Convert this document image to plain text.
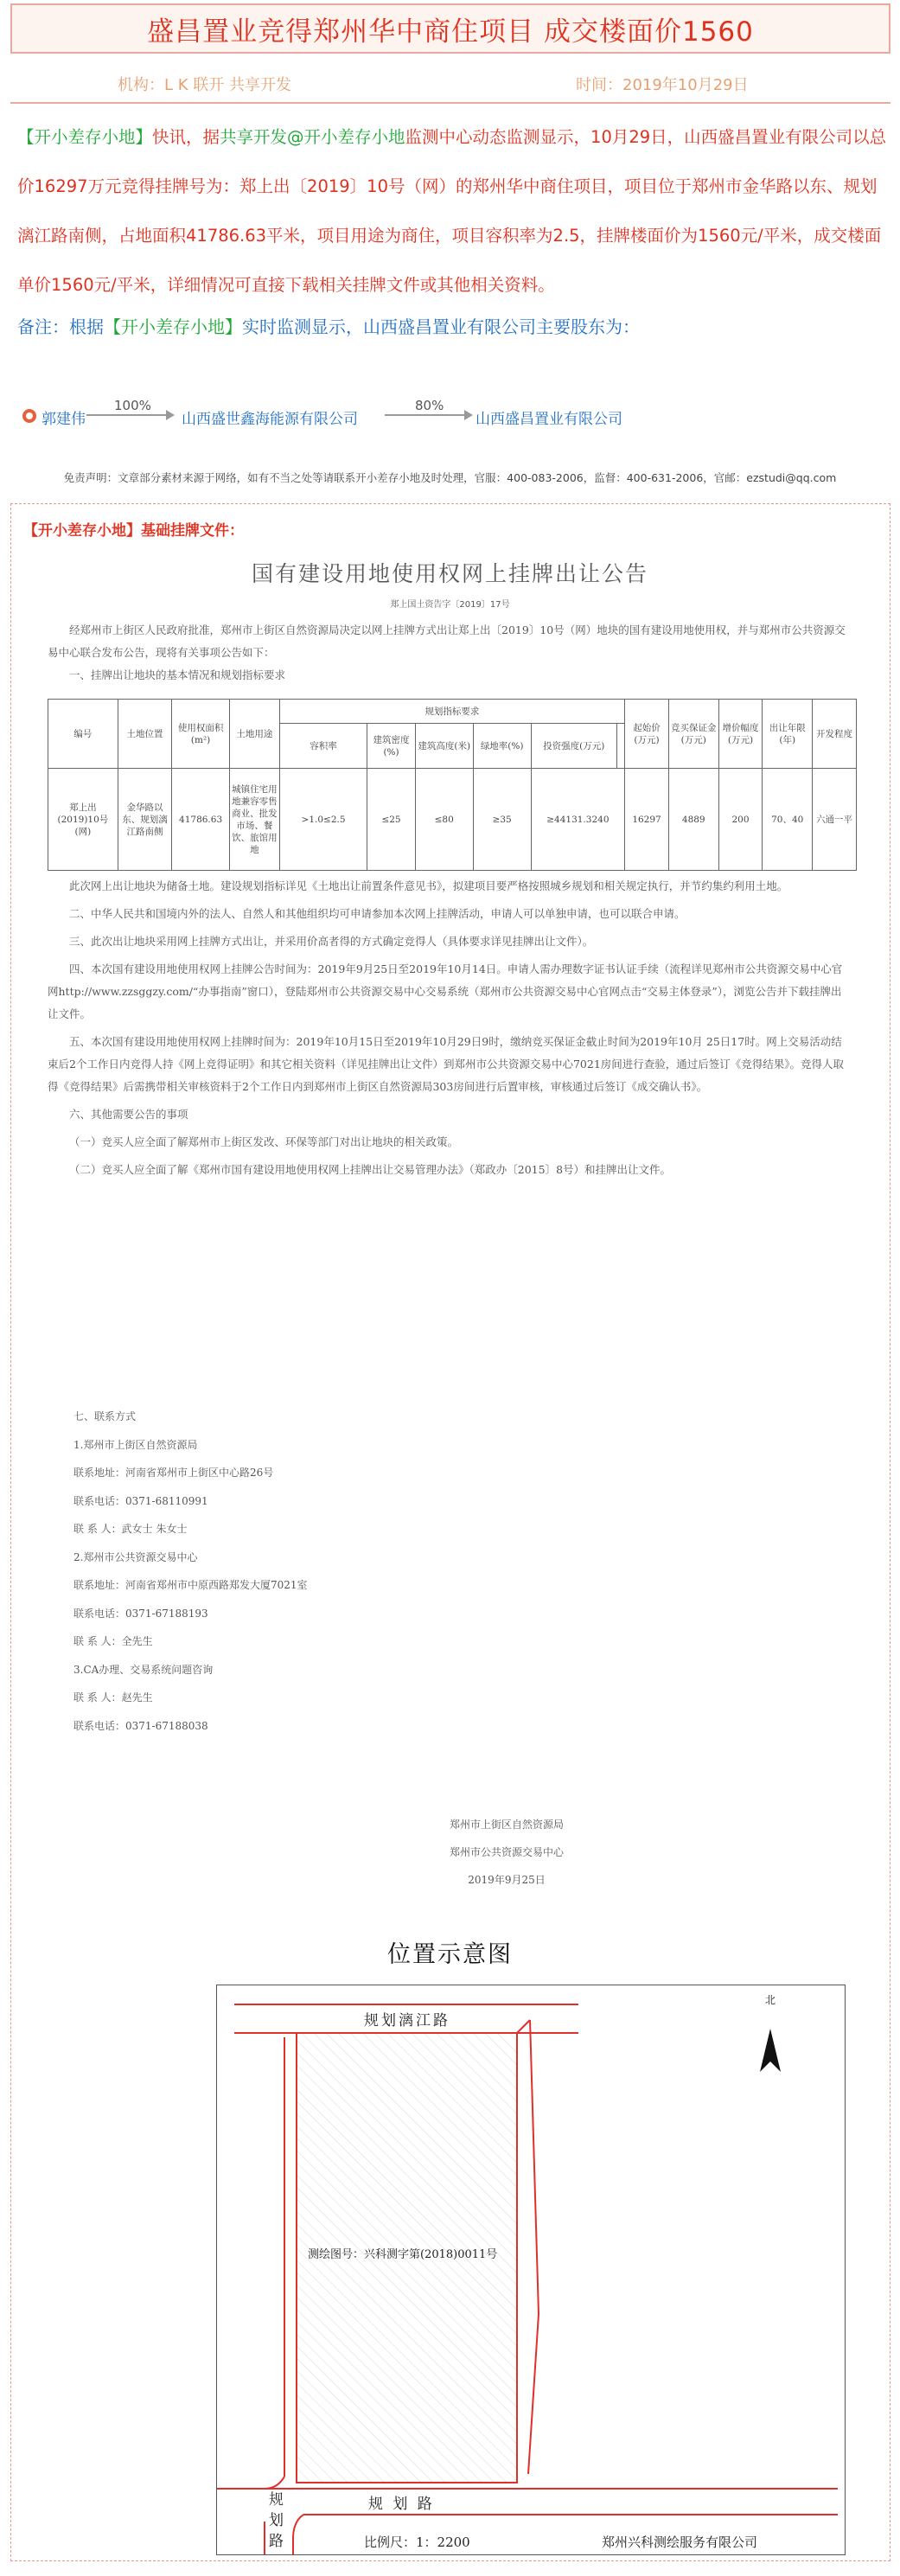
盛昌置业竞得郑州华中商住项目 成交楼面价1560
机构：L K 联开 共享开发	时间：2019年10月29日
【开小差存小地】快讯，据共享开发@开小差存小地监测中心动态监测显示，10月29日，山西盛昌置业有限公司以总价16297万元竞得挂牌号为：郑上出〔2019〕10号（网）的郑州华中商住项目，项目位于郑州市金华路以东、规划漓江路南侧，占地面积41786.63平米，项目用途为商住，项目容积率为2.5，挂牌楼面价为1560元/平米，成交楼面单价1560元/平米，详细情况可直接下载相关挂牌文件或其他相关资料。
备注：根据【开小差存小地】实时监测显示，山西盛昌置业有限公司主要股东为：
郭建伟
100%
山西盛世鑫海能源有限公司
80%
山西盛昌置业有限公司
免责声明：文章部分素材来源于网络，如有不当之处等请联系开小差存小地及时处理，官服：400-083-2006，监督：400-631-2006，官邮：ezstudi@qq.com
【开小差存小地】基础挂牌文件：
国有建设用地使用权网上挂牌出让公告
郑上国土资告字〔2019〕17号

经郑州市上街区人民政府批准，郑州市上街区自然资源局决定以网上挂牌方式出让郑上出〔2019〕10号（网）地块的国有建设用地使用权，并与郑州市公共资源交易中心联合发布公告，现将有关事项公告如下：

一、挂牌出让地块的基本情况和规划指标要求

编号	土地位置	使用权面积(m²)	土地用途	规划指标要求						起始价(万元)	竞买保证金(万元)	增价幅度(万元)	出让年限(年)	开发程度
				容积率	建筑密度(%)	建筑高度(米)	绿地率(%)	投资强度(万元)						
郑上出(2019)10号(网)	金华路以东、规划漓江路南侧	41786.63	城镇住宅用地兼容零售商业、批发市场、餐饮、旅馆用地	>1.0≤2.5	≤25	≤80	≥35	≥44131.3240		16297	4889	200	70、40	六通一平

此次网上出让地块为储备土地。建设规划指标详见《土地出让前置条件意见书》，拟建项目要严格按照城乡规划和相关规定执行，并节约集约利用土地。

二、中华人民共和国境内外的法人、自然人和其他组织均可申请参加本次网上挂牌活动，申请人可以单独申请，也可以联合申请。

三、此次出让地块采用网上挂牌方式出让，并采用价高者得的方式确定竞得人（具体要求详见挂牌出让文件）。

四、本次国有建设用地使用权网上挂牌公告时间为：2019年9月25日至2019年10月14日。申请人需办理数字证书认证手续（流程详见郑州市公共资源交易中心官网http://www.zzsggzy.com/“办事指南”窗口），登陆郑州市公共资源交易中心交易系统（郑州市公共资源交易中心官网点击“交易主体登录”），浏览公告并下载挂牌出让文件。

五、本次国有建设用地使用权网上挂牌时间为：2019年10月15日至2019年10月29日9时，缴纳竞买保证金截止时间为2019年10月 25日17时。网上交易活动结束后2个工作日内竞得人持《网上竞得证明》和其它相关资料（详见挂牌出让文件）到郑州市公共资源交易中心7021房间进行查验，通过后签订《竞得结果》。竞得人取得《竞得结果》后需携带相关审核资料于2个工作日内到郑州市上街区自然资源局303房间进行后置审核，审核通过后签订《成交确认书》。

六、其他需要公告的事项

（一）竞买人应全面了解郑州市上街区发改、环保等部门对出让地块的相关政策。

（二）竞买人应全面了解《郑州市国有建设用地使用权网上挂牌出让交易管理办法》（郑政办〔2015〕8号）和挂牌出让文件。

七、联系方式
1.郑州市上街区自然资源局
联系地址：河南省郑州市上街区中心路26号
联系电话：0371-68110991
联 系 人：武女士 朱女士
2.郑州市公共资源交易中心
联系地址：河南省郑州市中原西路郑发大厦7021室
联系电话：0371-67188193
联 系 人：全先生
3.CA办理、交易系统问题咨询
联 系 人：赵先生
联系电话：0371-67188038
郑州市上街区自然资源局
郑州市公共资源交易中心
2019年9月25日
位置示意图
规划漓江路
规 划 路
规
划
路
测绘图号：兴科测字第(2018)0011号
北
比例尺：1：2200	郑州兴科测绘服务有限公司
